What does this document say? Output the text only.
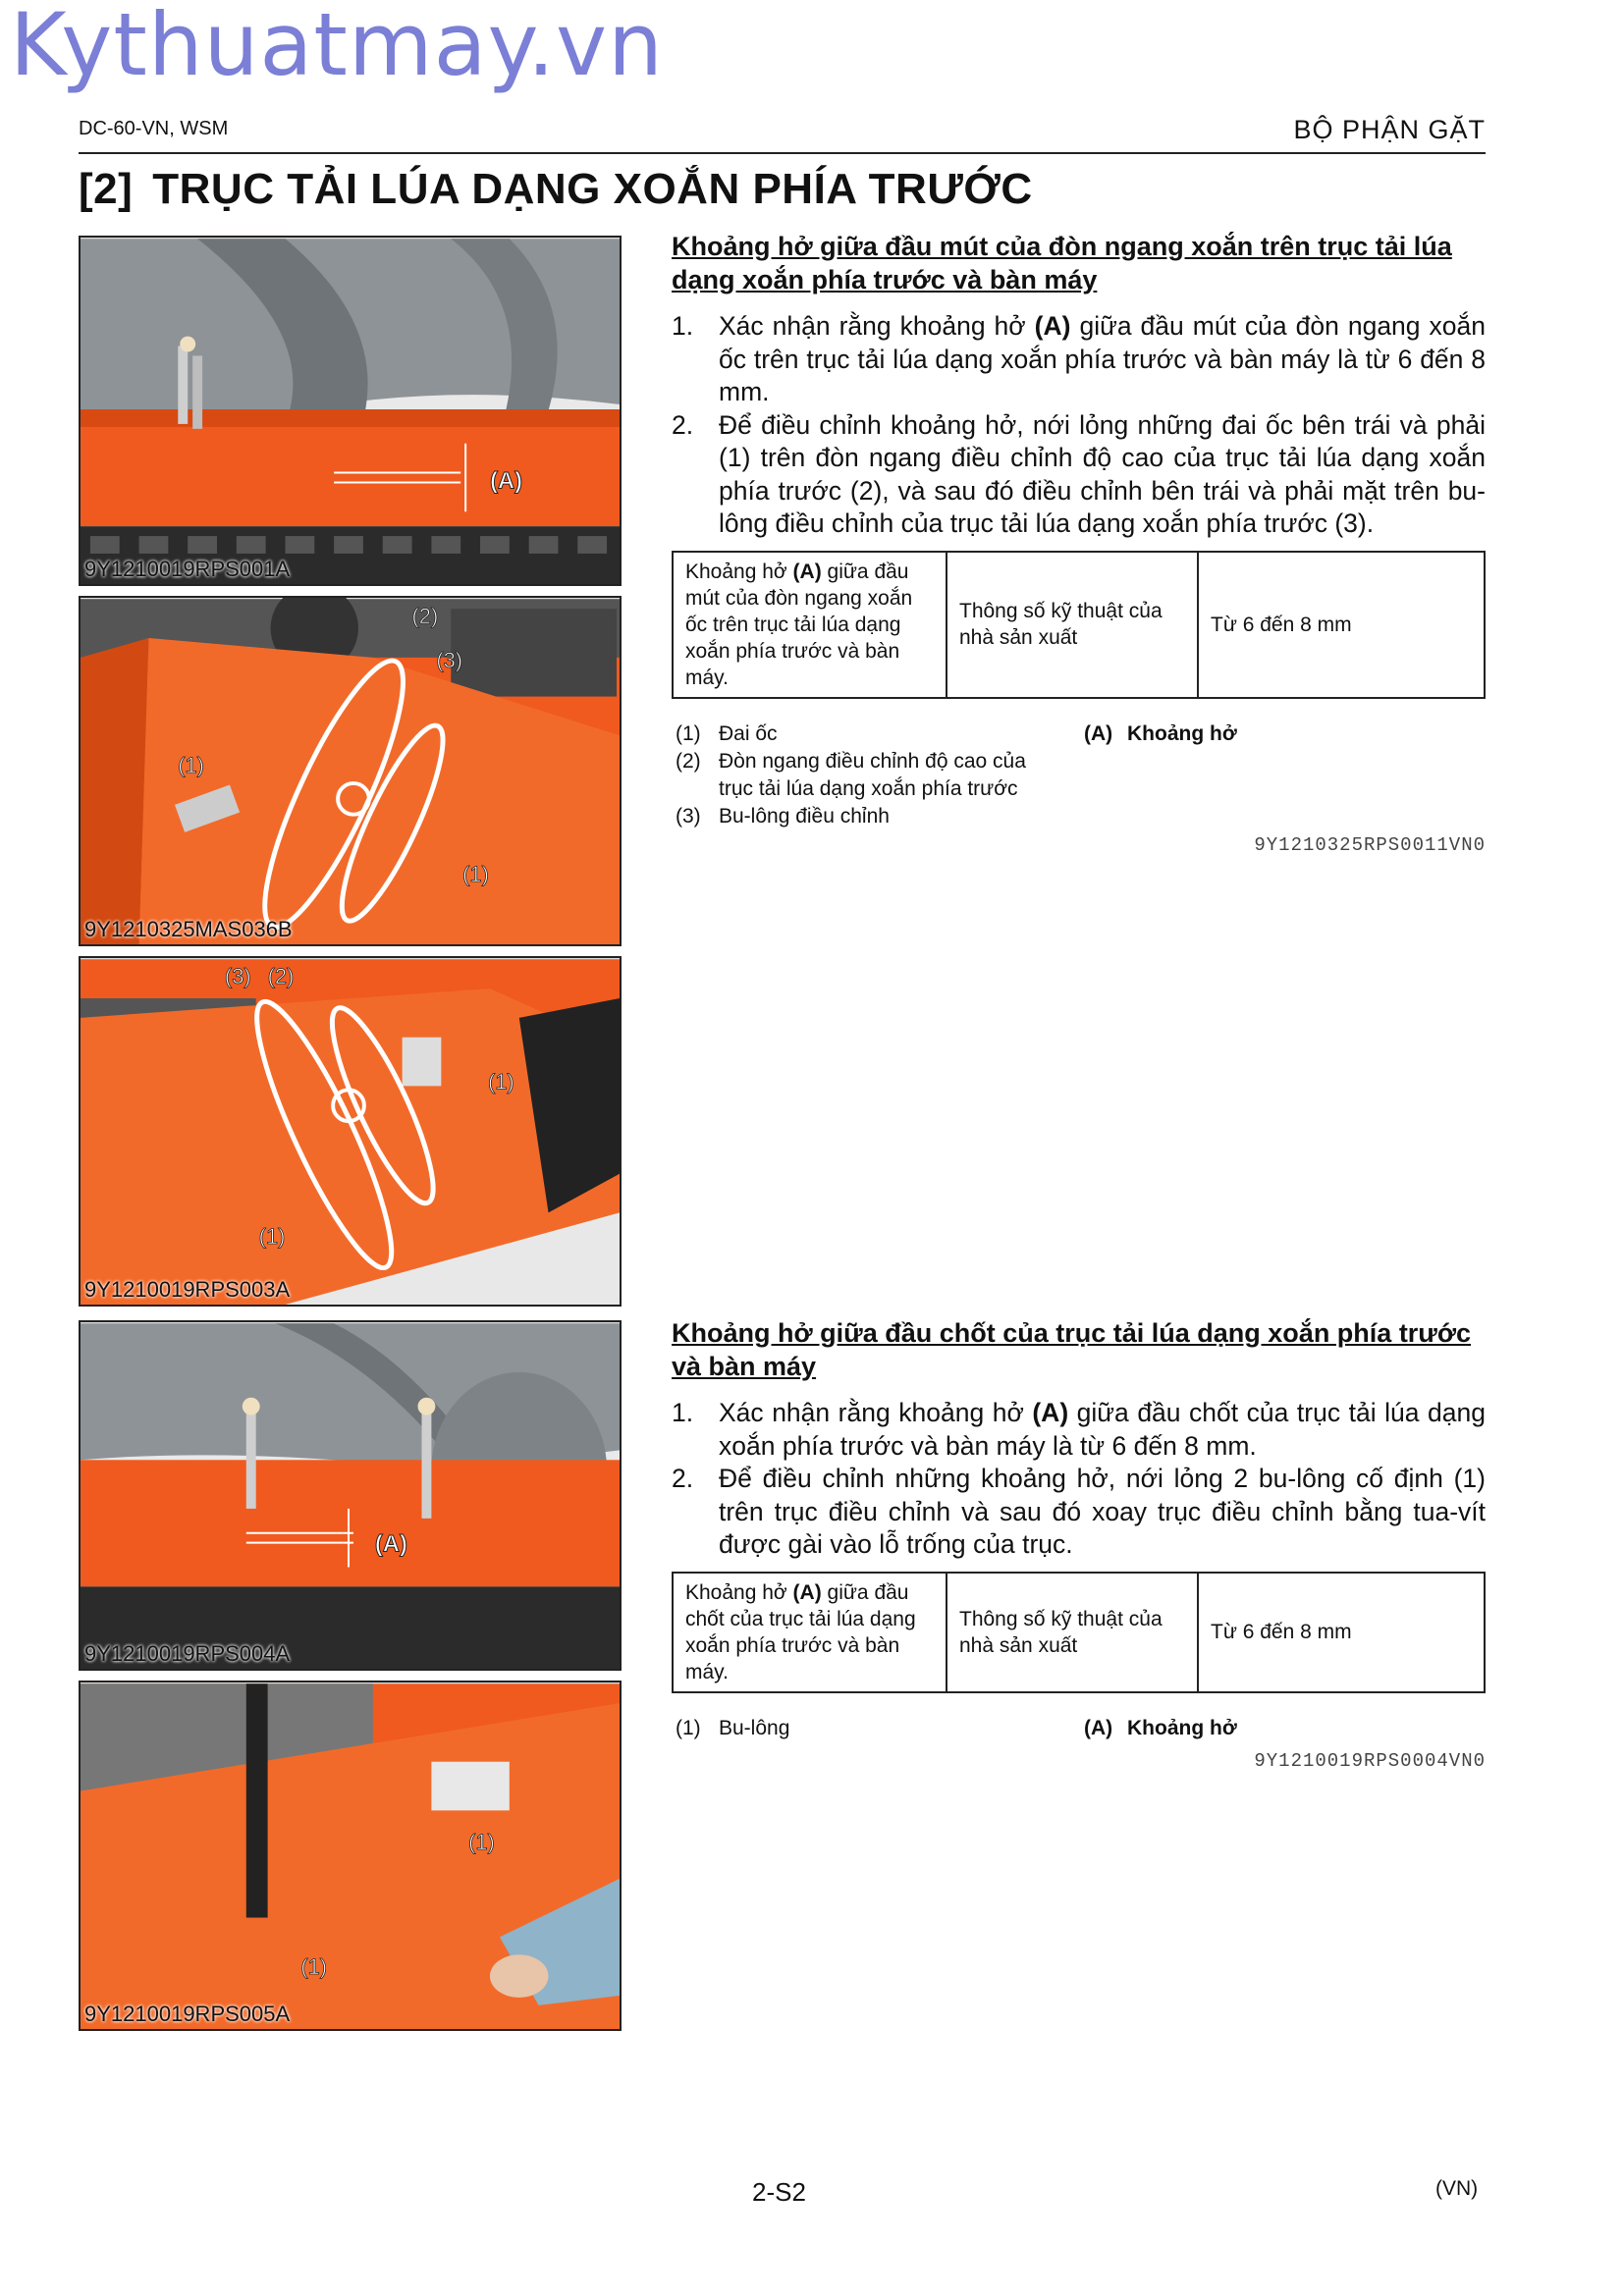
Kythuatmay.vn
DC-60-VN, WSM	BỘ PHẬN GẶT
[2] TRỤC TẢI LÚA DẠNG XOẮN PHÍA TRƯỚC
(A)
9Y1210019RPS001A
(2)
(3)
(1)
(1)
9Y1210325MAS036B
(3) (2)
(1)
(1)
9Y1210019RPS003A
(A)
9Y1210019RPS004A
(1)
(1)
9Y1210019RPS005A
Khoảng hở giữa đầu mút của đòn ngang xoắn trên trục tải lúa dạng xoắn phía trước và bàn máy
1. Xác nhận rằng khoảng hở (A) giữa đầu mút của đòn ngang xoắn ốc trên trục tải lúa dạng xoắn phía trước và bàn máy là từ 6 đến 8 mm.
2. Để điều chỉnh khoảng hở, nới lỏng những đai ốc bên trái và phải (1) trên đòn ngang điều chỉnh độ cao của trục tải lúa dạng xoắn phía trước (2), và sau đó điều chỉnh bên trái và phải mặt trên bu-lông điều chỉnh của trục tải lúa dạng xoắn phía trước (3).
Khoảng hở (A) giữa đầu mút của đòn ngang xoắn ốc trên trục tải lúa dạng xoắn phía trước và bàn máy.	Thông số kỹ thuật của nhà sản xuất	Từ 6 đến 8 mm
(1) Đai ốc
(2) Đòn ngang điều chỉnh độ cao của trục tải lúa dạng xoắn phía trước
(3) Bu-lông điều chỉnh
(A) Khoảng hở
9Y1210325RPS0011VN0
Khoảng hở giữa đầu chốt của trục tải lúa dạng xoắn phía trước và bàn máy
1. Xác nhận rằng khoảng hở (A) giữa đầu chốt của trục tải lúa dạng xoắn phía trước và bàn máy là từ 6 đến 8 mm.
2. Để điều chỉnh những khoảng hở, nới lỏng 2 bu-lông cố định (1) trên trục điều chỉnh và sau đó xoay trục điều chỉnh bằng tua-vít được gài vào lỗ trống của trục.
Khoảng hở (A) giữa đầu chốt của trục tải lúa dạng xoắn phía trước và bàn máy.	Thông số kỹ thuật của nhà sản xuất	Từ 6 đến 8 mm
(1) Bu-lông	(A) Khoảng hở
9Y1210019RPS0004VN0
2-S2	(VN)
